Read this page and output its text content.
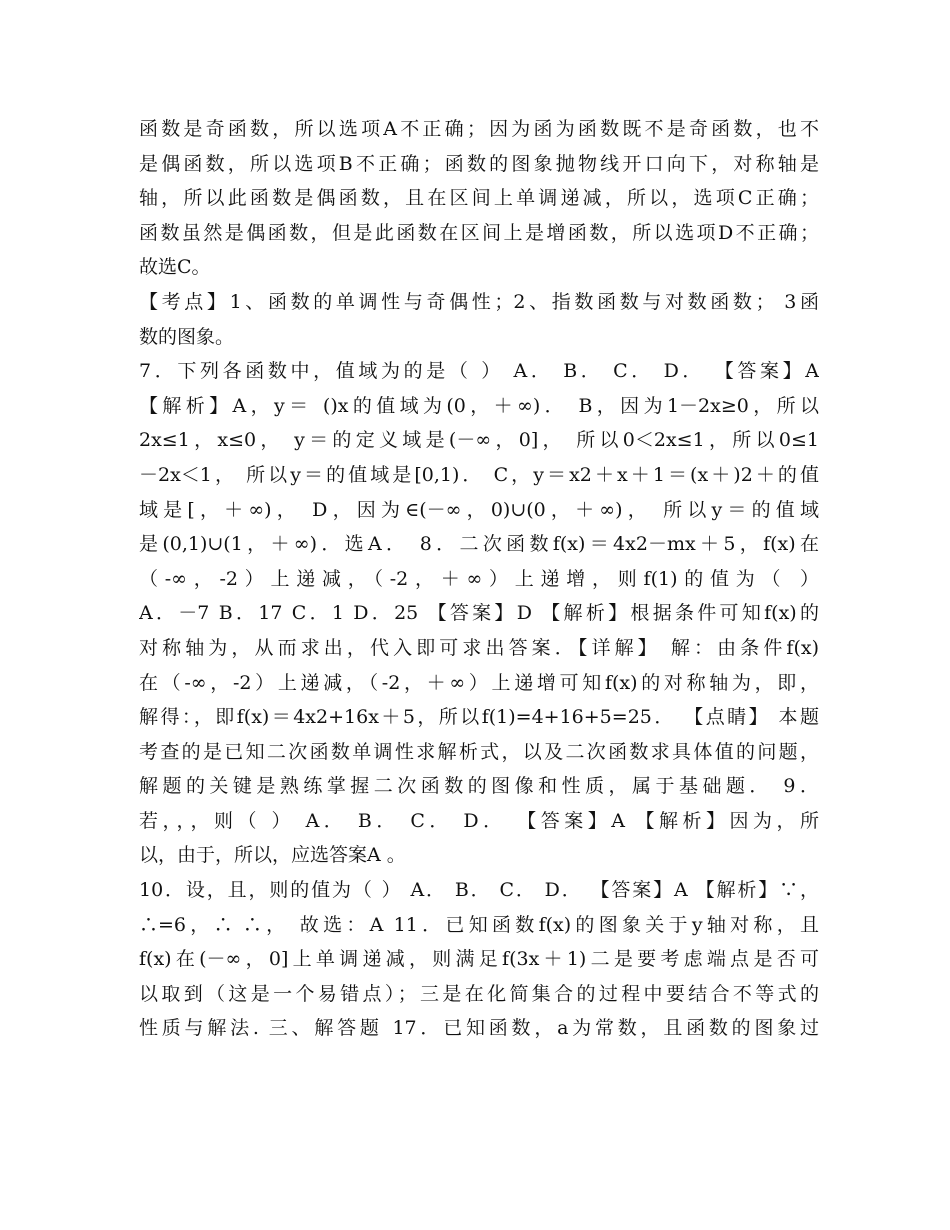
函数是奇函数，所以选项A不正确；因为函为函数既不是奇函数，也不
是偶函数，所以选项B不正确；函数的图象抛物线开口向下，对称轴是
轴，所以此函数是偶函数，且在区间上单调递减，所以，选项C正确；
函数虽然是偶函数，但是此函数在区间上是增函数，所以选项D不正确；
故选C。
【考点】1、函数的单调性与奇偶性；2、指数函数与对数函数； 3函
数的图象。
7．下列各函数中，值域为的是（ ） A． B． C． D． 【答案】A
【解析】A，y＝ ()x的值域为(0，＋∞)． B，因为1－2x≥0，所以
2x≤1，x≤0， y＝的定义域是(－∞，0]， 所以0＜2x≤1，所以0≤1
－2x＜1， 所以y＝的值域是[0,1)． C，y＝x2＋x＋1＝(x＋)2＋的值
域是[，＋∞)， D，因为∈(－∞，0)∪(0，＋∞)， 所以y＝的值域
是(0,1)∪(1，＋∞)．选A． 8．二次函数f(x)＝4x2－mx＋5，f(x)在
（-∞，-2）上递减，（-2，＋∞）上递增，则f(1)的值为（ ）
A．－7 B．17 C．1 D．25 【答案】D 【解析】根据条件可知f(x)的
对称轴为，从而求出，代入即可求出答案．【详解】 解：由条件f(x)
在（-∞，-2）上递减，（-2，＋∞）上递增可知f(x)的对称轴为，即，
解得：，即f(x)＝4x2+16x＋5，所以f(1)=4+16+5=25． 【点睛】 本题
考查的是已知二次函数单调性求解析式，以及二次函数求具体值的问题，
解题的关键是熟练掌握二次函数的图像和性质，属于基础题． 9．
若，，，则（ ） A． B． C． D． 【答案】A 【解析】因为，所
以，由于，所以，应选答案A 。
10．设，且，则的值为（ ） A． B． C． D． 【答案】A 【解析】∵，
∴=6，∴ ∴， 故选：A 11．已知函数f(x)的图象关于y轴对称，且
f(x)在(－∞，0]上单调递减，则满足f(3x＋1)二是要考虑端点是否可
以取到（这是一个易错点）；三是在化简集合的过程中要结合不等式的
性质与解法. 三、解答题 17．已知函数，a为常数，且函数的图象过
